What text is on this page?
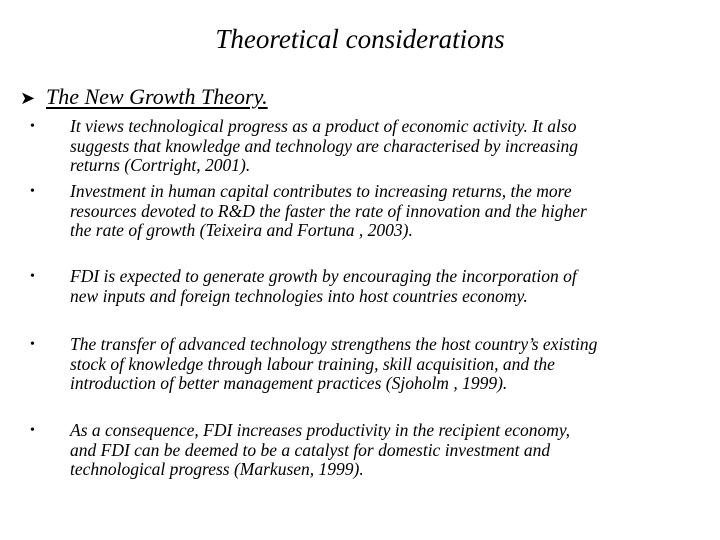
Theoretical considerations
➤ The New Growth Theory.
• It views technological progress as a product of economic activity. It also
suggests that knowledge and technology are characterised by increasing
returns (Cortright, 2001).
• Investment in human capital contributes to increasing returns, the more
resources devoted to R&D the faster the rate of innovation and the higher
the rate of growth (Teixeira and Fortuna , 2003).
• FDI is expected to generate growth by encouraging the incorporation of
new inputs and foreign technologies into host countries economy.
• The transfer of advanced technology strengthens the host country’s existing
stock of knowledge through labour training, skill acquisition, and the
introduction of better management practices (Sjoholm , 1999).
• As a consequence, FDI increases productivity in the recipient economy,
and FDI can be deemed to be a catalyst for domestic investment and
technological progress (Markusen, 1999).
